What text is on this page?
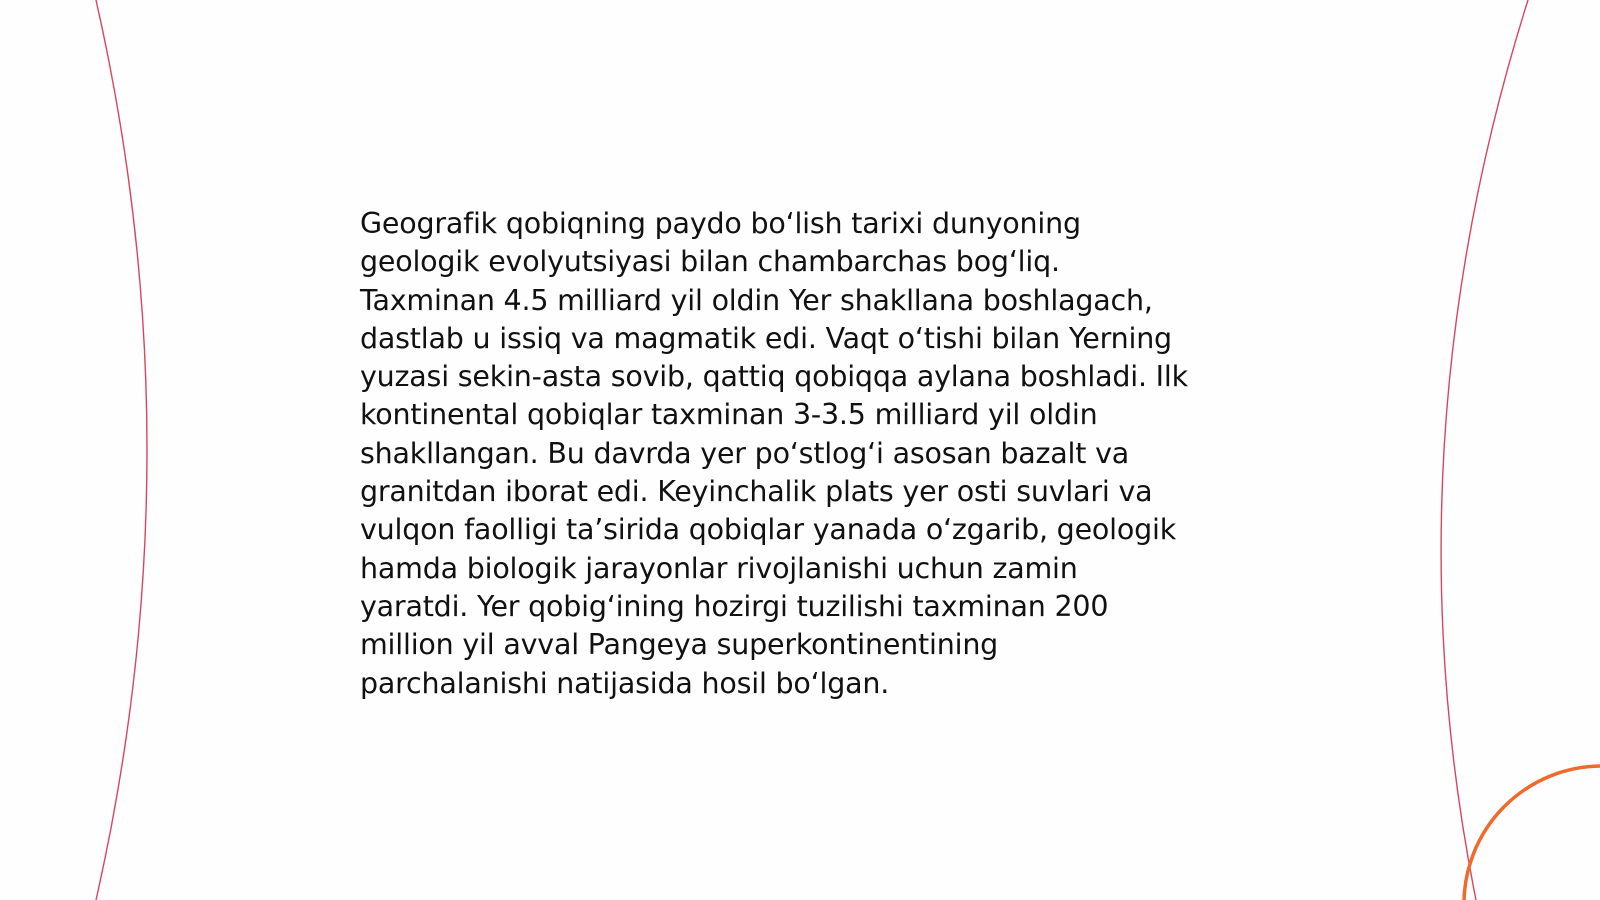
Geografik qobiqning paydo bo‘lish tarixi dunyoning
geologik evolyutsiyasi bilan chambarchas bog‘liq.
Taxminan 4.5 milliard yil oldin Yer shakllana boshlagach,
dastlab u issiq va magmatik edi. Vaqt o‘tishi bilan Yerning
yuzasi sekin-asta sovib, qattiq qobiqqa aylana boshladi. Ilk
kontinental qobiqlar taxminan 3-3.5 milliard yil oldin
shakllangan. Bu davrda yer po‘stlog‘i asosan bazalt va
granitdan iborat edi. Keyinchalik plats yer osti suvlari va
vulqon faolligi ta’sirida qobiqlar yanada o‘zgarib, geologik
hamda biologik jarayonlar rivojlanishi uchun zamin
yaratdi. Yer qobig‘ining hozirgi tuzilishi taxminan 200
million yil avval Pangeya superkontinentining
parchalanishi natijasida hosil bo‘lgan.
